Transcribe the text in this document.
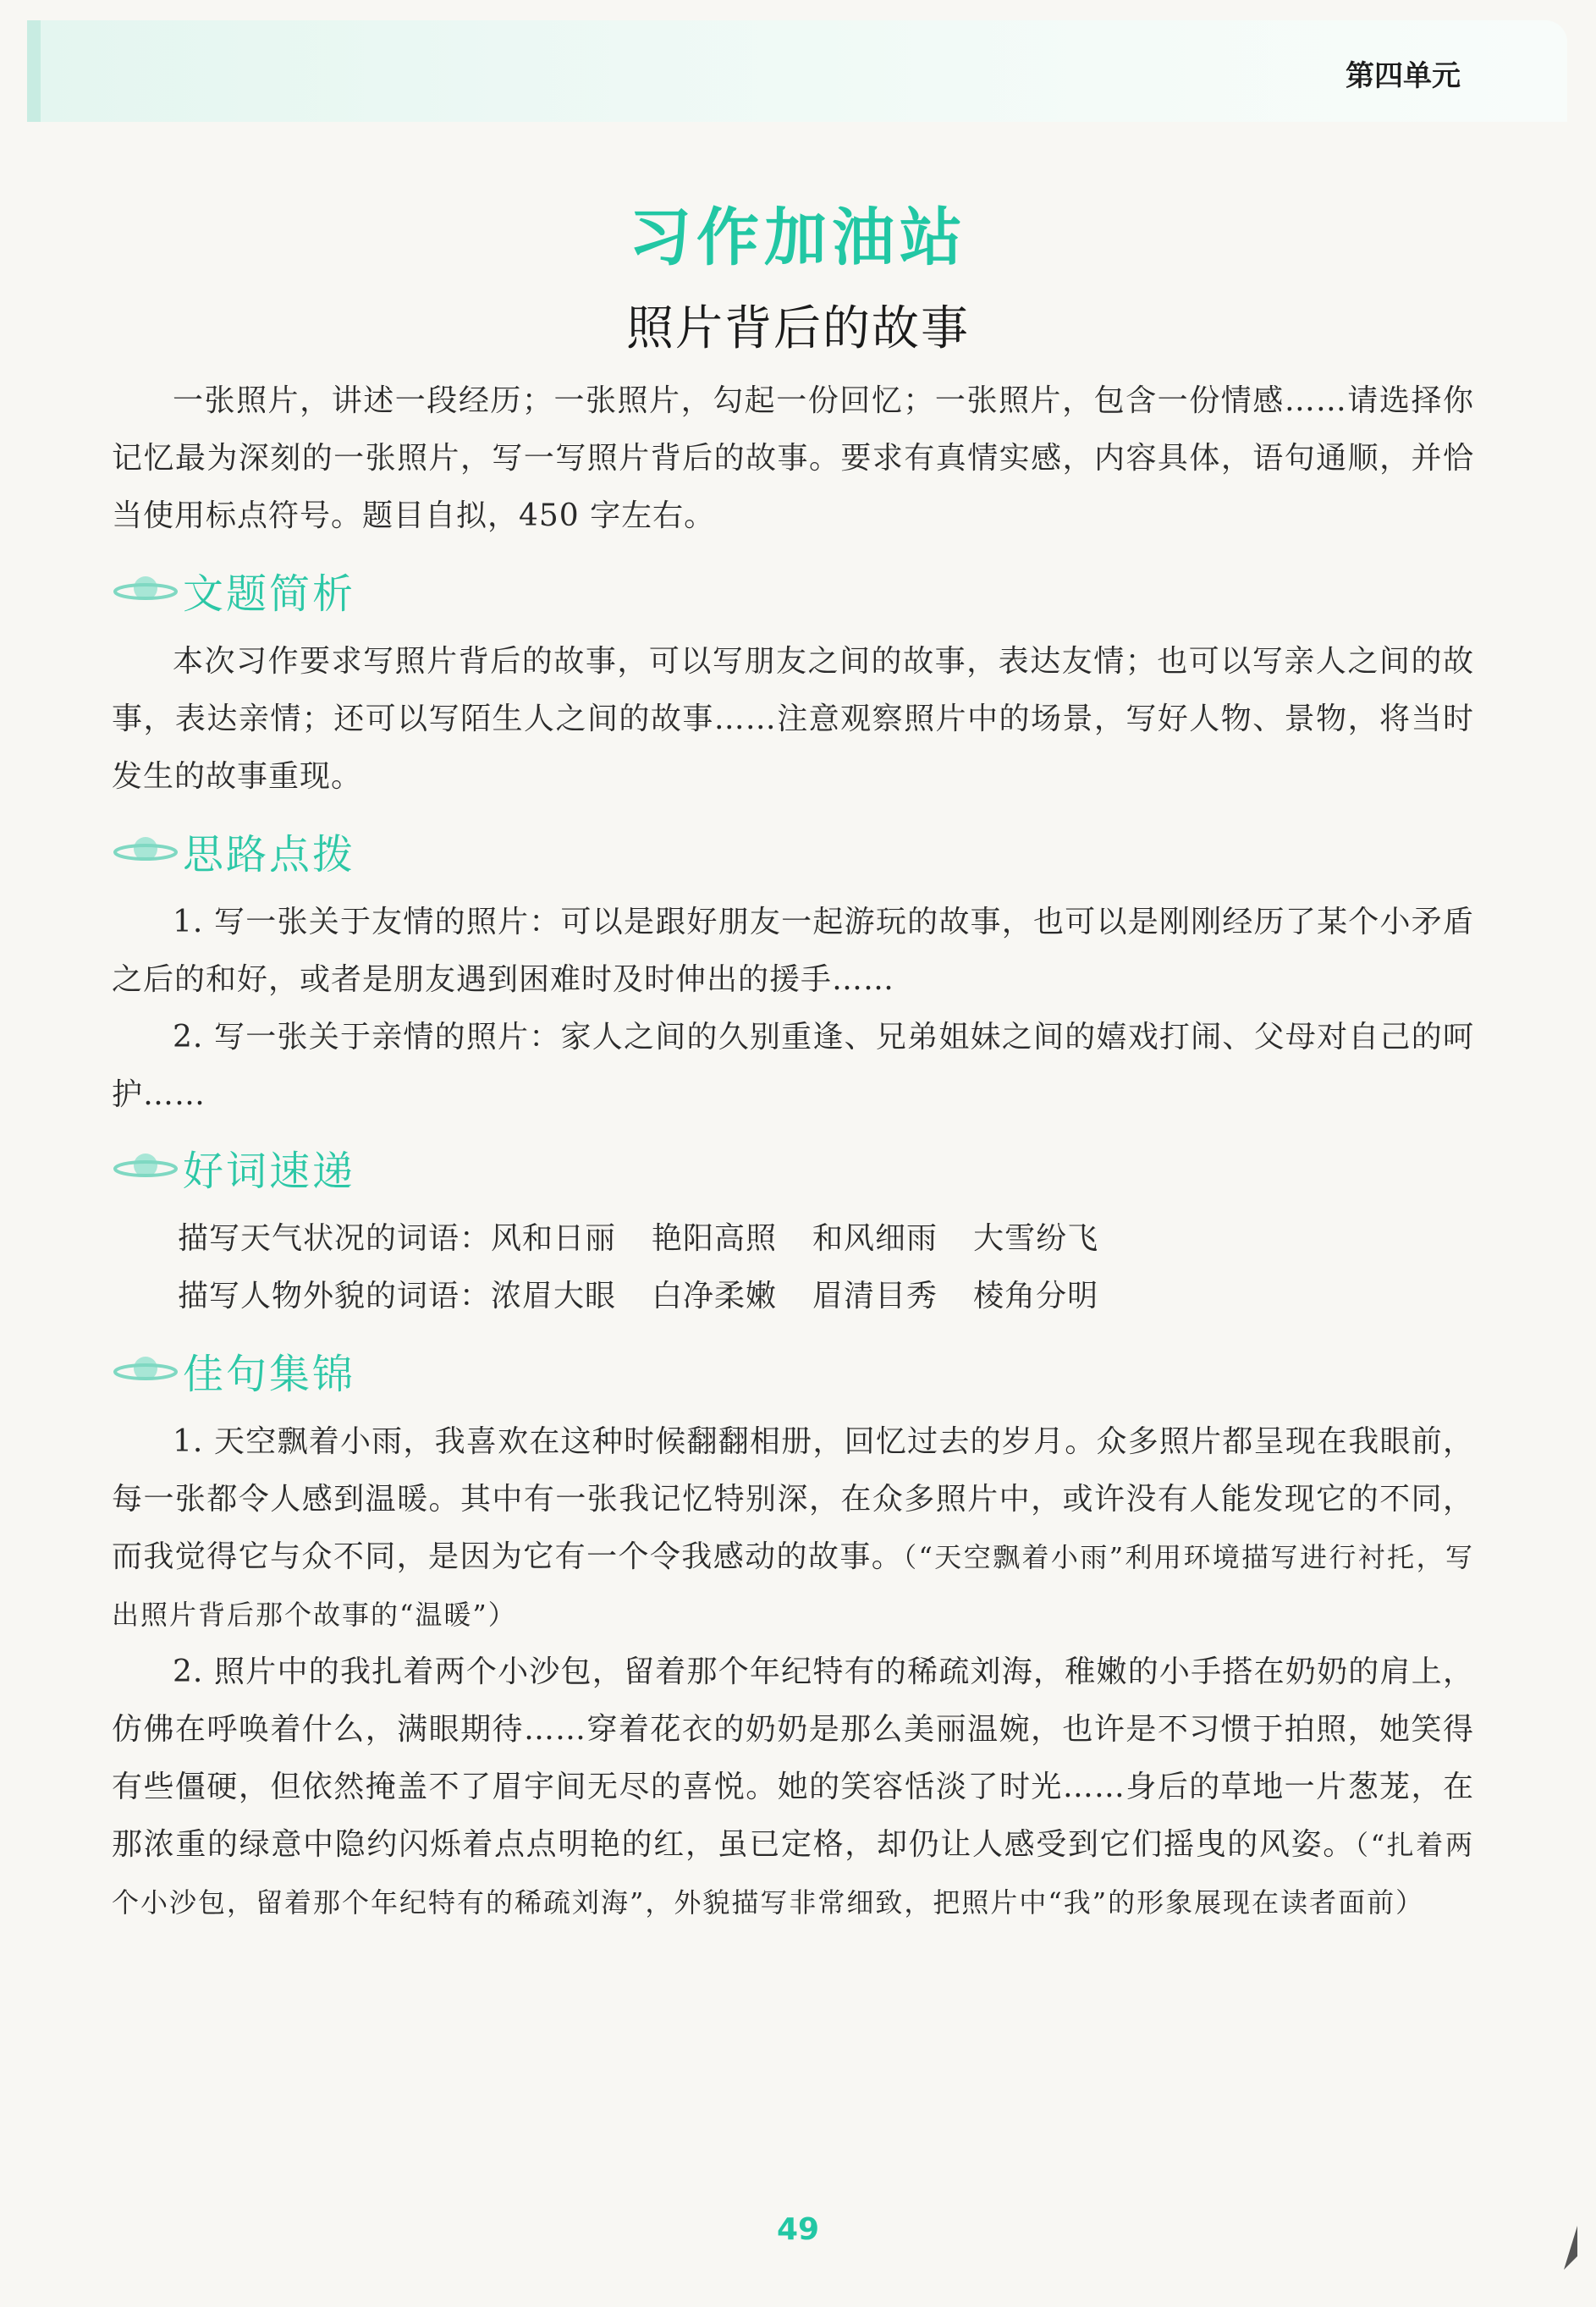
第四单元
习作加油站
照片背后的故事

一张照片，讲述一段经历；一张照片，勾起一份回忆；一张照片，包含一份情感……请选择你记忆最为深刻的一张照片，写一写照片背后的故事。要求有真情实感，内容具体，语句通顺，并恰当使用标点符号。题目自拟，450 字左右。

文题简析

本次习作要求写照片背后的故事，可以写朋友之间的故事，表达友情；也可以写亲人之间的故事，表达亲情；还可以写陌生人之间的故事……注意观察照片中的场景，写好人物、景物，将当时发生的故事重现。

思路点拨

1. 写一张关于友情的照片：可以是跟好朋友一起游玩的故事，也可以是刚刚经历了某个小矛盾之后的和好，或者是朋友遇到困难时及时伸出的援手……

2. 写一张关于亲情的照片：家人之间的久别重逢、兄弟姐妹之间的嬉戏打闹、父母对自己的呵护……

好词速递
描写天气状况的词语：风和日丽 艳阳高照 和风细雨 大雪纷飞
描写人物外貌的词语：浓眉大眼 白净柔嫩 眉清目秀 棱角分明
佳句集锦

1. 天空飘着小雨，我喜欢在这种时候翻翻相册，回忆过去的岁月。众多照片都呈现在我眼前，每一张都令人感到温暖。其中有一张我记忆特别深，在众多照片中，或许没有人能发现它的不同，而我觉得它与众不同，是因为它有一个令我感动的故事。（“天空飘着小雨”利用环境描写进行衬托，写出照片背后那个故事的“温暖”）

2. 照片中的我扎着两个小沙包，留着那个年纪特有的稀疏刘海，稚嫩的小手搭在奶奶的肩上，仿佛在呼唤着什么，满眼期待……穿着花衣的奶奶是那么美丽温婉，也许是不习惯于拍照，她笑得有些僵硬，但依然掩盖不了眉宇间无尽的喜悦。她的笑容恬淡了时光……身后的草地一片葱茏，在那浓重的绿意中隐约闪烁着点点明艳的红，虽已定格，却仍让人感受到它们摇曳的风姿。（“扎着两个小沙包，留着那个年纪特有的稀疏刘海”，外貌描写非常细致，把照片中“我”的形象展现在读者面前）

49
